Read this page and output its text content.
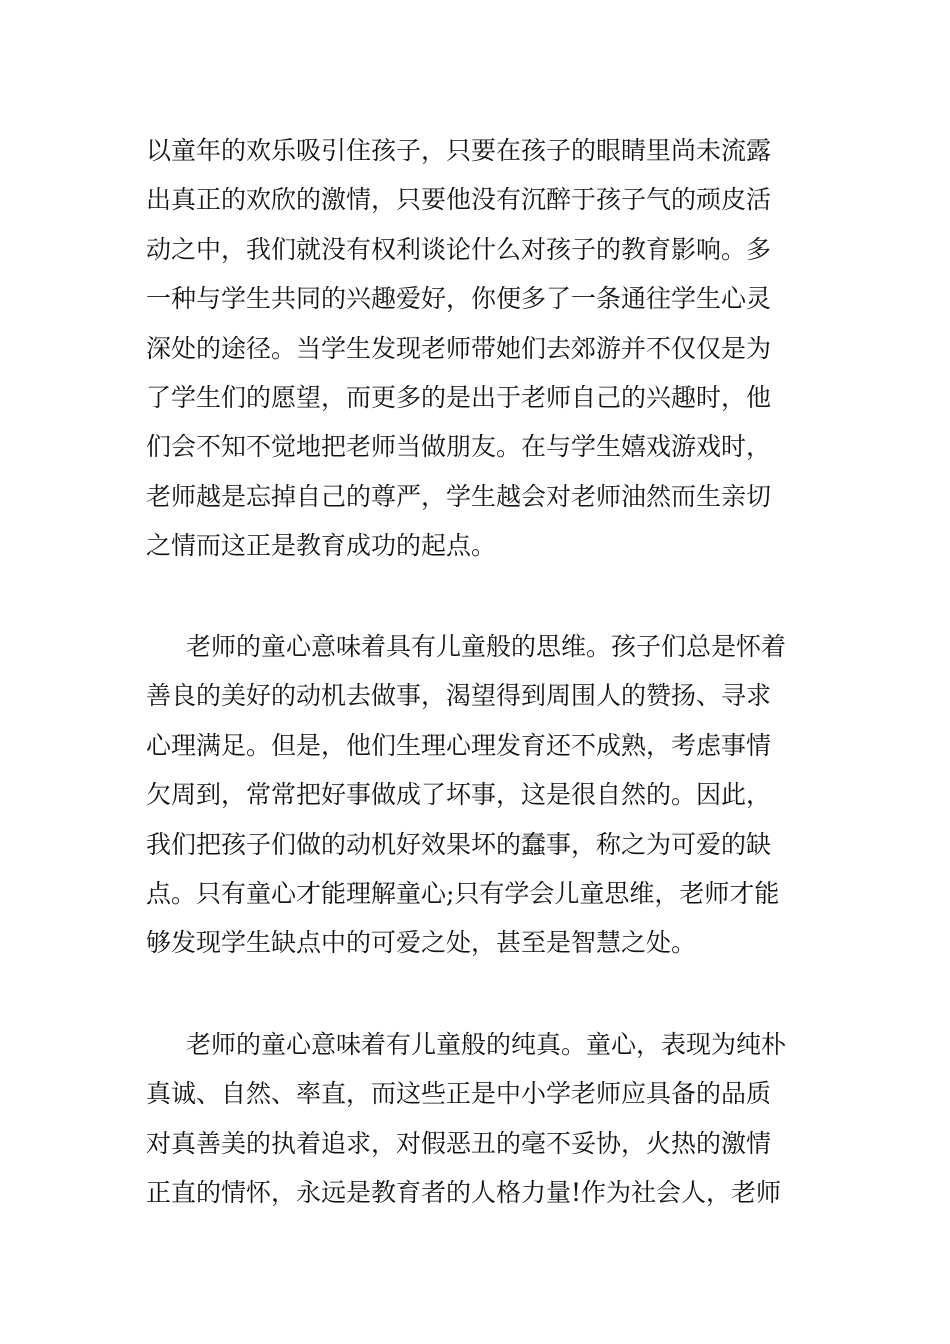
以童年的欢乐吸引住孩子，只要在孩子的眼睛里尚未流露
出真正的欢欣的激情，只要他没有沉醉于孩子气的顽皮活
动之中，我们就没有权利谈论什么对孩子的教育影响。多
一种与学生共同的兴趣爱好，你便多了一条通往学生心灵
深处的途径。当学生发现老师带她们去郊游并不仅仅是为
了学生们的愿望，而更多的是出于老师自己的兴趣时，他
们会不知不觉地把老师当做朋友。在与学生嬉戏游戏时，
老师越是忘掉自己的尊严，学生越会对老师油然而生亲切
之情而这正是教育成功的起点。
老师的童心意味着具有儿童般的思维。孩子们总是怀着
善良的美好的动机去做事，渴望得到周围人的赞扬、寻求
心理满足。但是，他们生理心理发育还不成熟，考虑事情
欠周到，常常把好事做成了坏事，这是很自然的。因此，
我们把孩子们做的动机好效果坏的蠢事，称之为可爱的缺
点。只有童心才能理解童心;只有学会儿童思维，老师才能
够发现学生缺点中的可爱之处，甚至是智慧之处。
老师的童心意味着有儿童般的纯真。童心，表现为纯朴
真诚、自然、率直，而这些正是中小学老师应具备的品质
对真善美的执着追求，对假恶丑的毫不妥协，火热的激情
正直的情怀，永远是教育者的人格力量!作为社会人，老师
